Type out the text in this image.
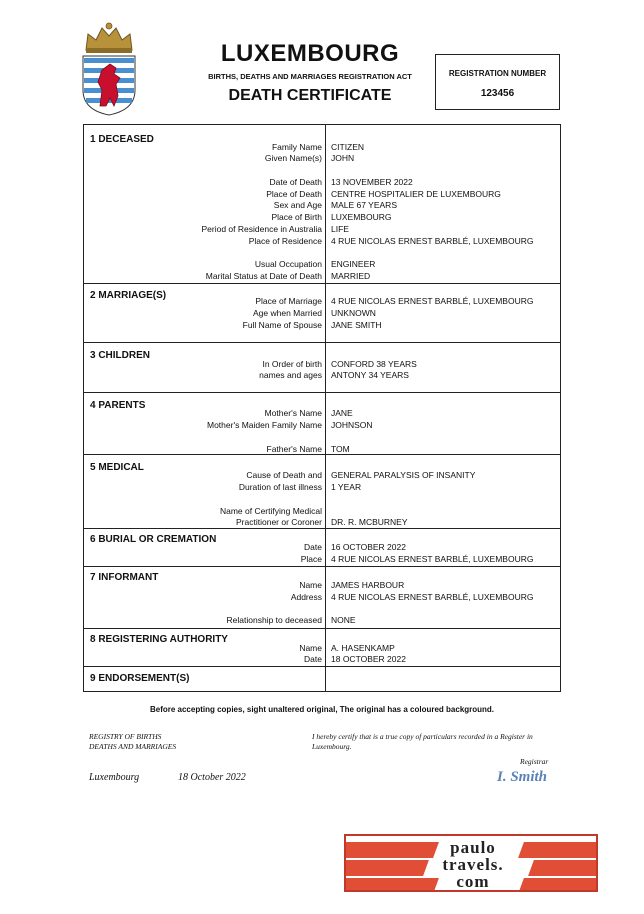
LUXEMBOURG
BIRTHS, DEATHS AND MARRIAGES REGISTRATION ACT
DEATH CERTIFICATE
REGISTRATION NUMBER
123456
1 DECEASED
Family Name CITIZEN
Given Name(s) JOHN
Date of Death 13 NOVEMBER 2022
Place of Death CENTRE HOSPITALIER DE LUXEMBOURG
Sex and Age MALE 67 YEARS
Place of Birth LUXEMBOURG
Period of Residence in Australia LIFE
Place of Residence 4 RUE NICOLAS ERNEST BARBLÉ, LUXEMBOURG
Usual Occupation ENGINEER
Marital Status at Date of Death MARRIED
2 MARRIAGE(S)	Place of Marriage 4 RUE NICOLAS ERNEST BARBLÉ, LUXEMBOURG
Age when Married UNKNOWN
Full Name of Spouse JANE SMITH
3 CHILDREN
In Order of birth CONFORD 38 YEARS
names and ages ANTONY 34 YEARS
4 PARENTS
Mother's Name JANE
Mother's Maiden Family Name JOHNSON
Father's Name TOM
5 MEDICAL
Cause of Death and GENERAL PARALYSIS OF INSANITY
Duration of last illness 1 YEAR
Name of Certifying Medical
Practitioner or Coroner DR. R. MCBURNEY
6 BURIAL OR CREMATION
Date 16 OCTOBER 2022
Place 4 RUE NICOLAS ERNEST BARBLÉ, LUXEMBOURG
7 INFORMANT
Name JAMES HARBOUR
Address 4 RUE NICOLAS ERNEST BARBLÉ, LUXEMBOURG
Relationship to deceased NONE
8 REGISTERING AUTHORITY
Name A. HASENKAMP
Date 18 OCTOBER 2022
9 ENDORSEMENT(S)
Before accepting copies, sight unaltered original, The original has a coloured background.
REGISTRY OF BIRTHS
DEATHS AND MARRIAGES
I hereby certify that is a true copy of particulars recorded in a Register in Luxembourg.
Registrar
I. Smith
Luxembourg	18 October 2022
paulo
travels.
com
